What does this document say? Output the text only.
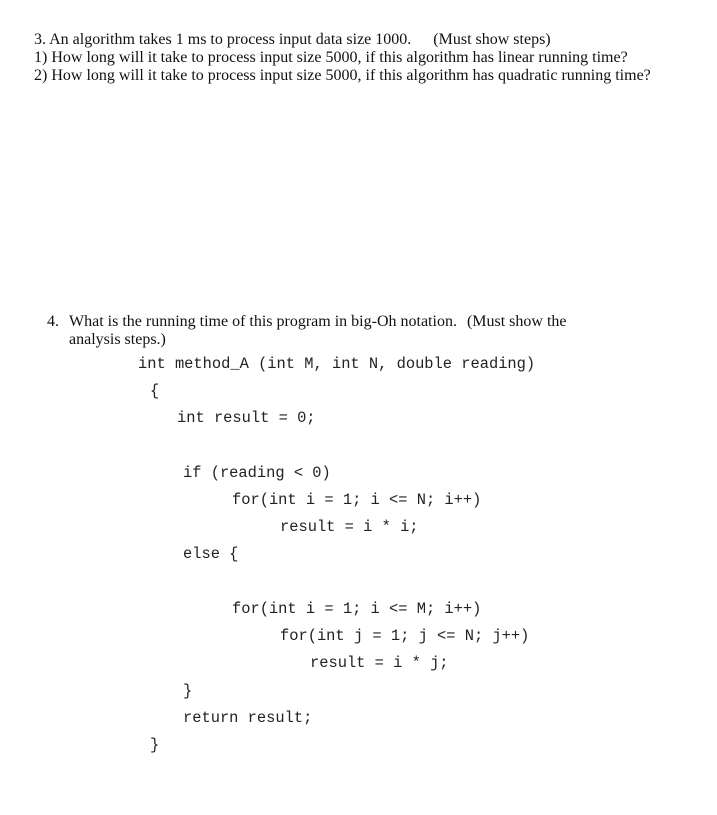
3. An algorithm takes 1 ms to process input data size 1000. (Must show steps)
1) How long will it take to process input size 5000, if this algorithm has linear running time?
2) How long will it take to process input size 5000, if this algorithm has quadratic running time?
4. What is the running time of this program in big-Oh notation. (Must show the
analysis steps.)
int method_A (int M, int N, double reading)
{
int result = 0;
if (reading < 0)
for(int i = 1; i <= N; i++)
result = i * i;
else {
for(int i = 1; i <= M; i++)
for(int j = 1; j <= N; j++)
result = i * j;
}
return result;
}
